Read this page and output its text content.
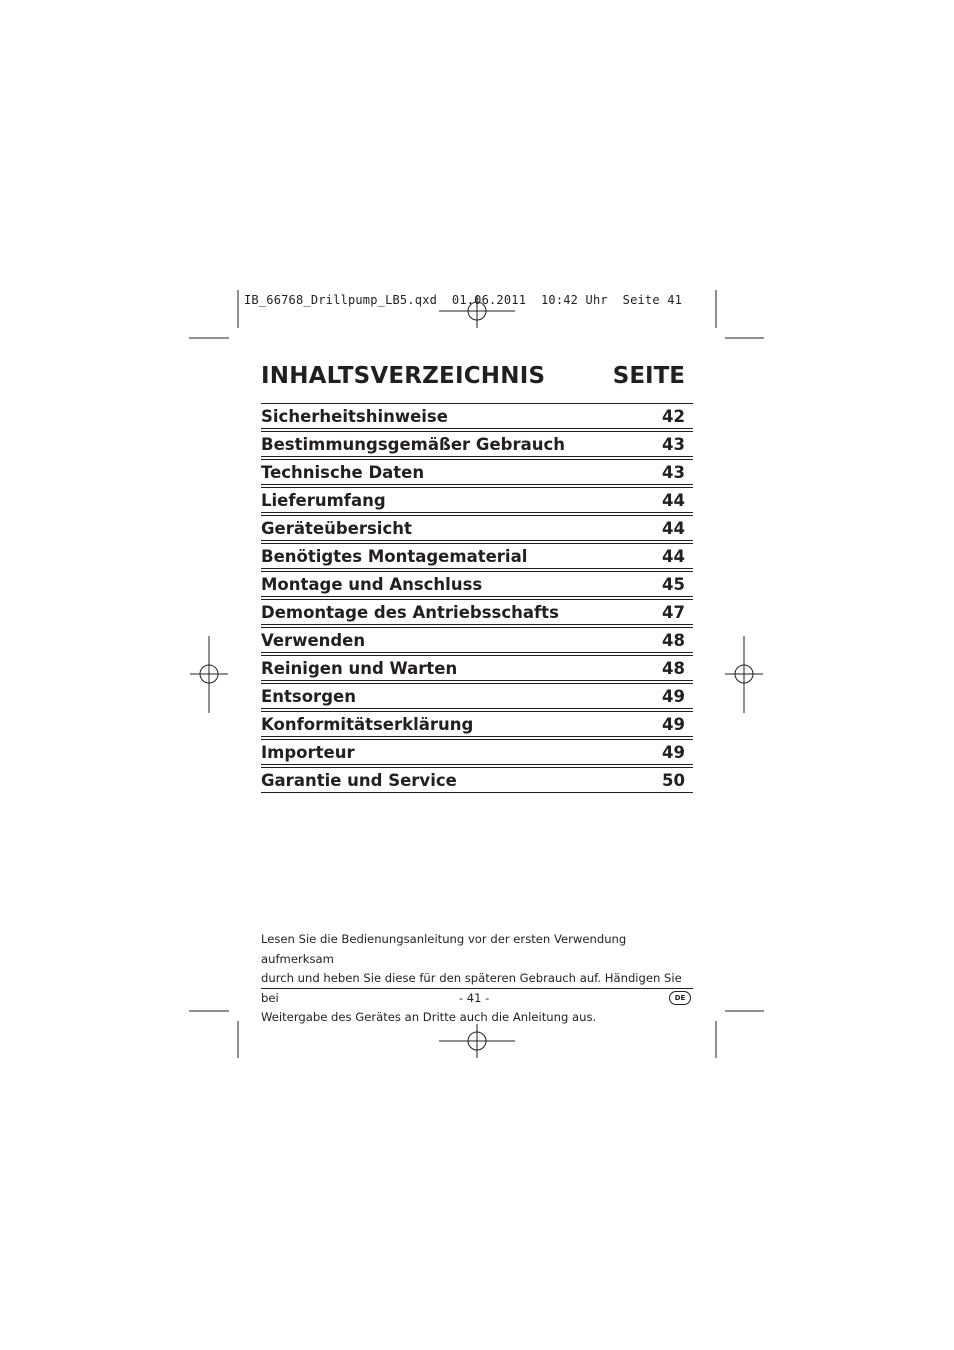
IB_66768_Drillpump_LB5.qxd  01.06.2011  10:42 Uhr  Seite 41
INHALTSVERZEICHNIS	SEITE
Sicherheitshinweise	42
Bestimmungsgemäßer Gebrauch	43
Technische Daten	43
Lieferumfang	44
Geräteübersicht	44
Benötigtes Montagematerial	44
Montage und Anschluss	45
Demontage des Antriebsschafts	47
Verwenden	48
Reinigen und Warten	48
Entsorgen	49
Konformitätserklärung	49
Importeur	49
Garantie und Service	50
Lesen Sie die Bedienungsanleitung vor der ersten Verwendung aufmerksam
durch und heben Sie diese für den späteren Gebrauch auf. Händigen Sie bei
Weitergabe des Gerätes an Dritte auch die Anleitung aus.
- 41 -	DE
